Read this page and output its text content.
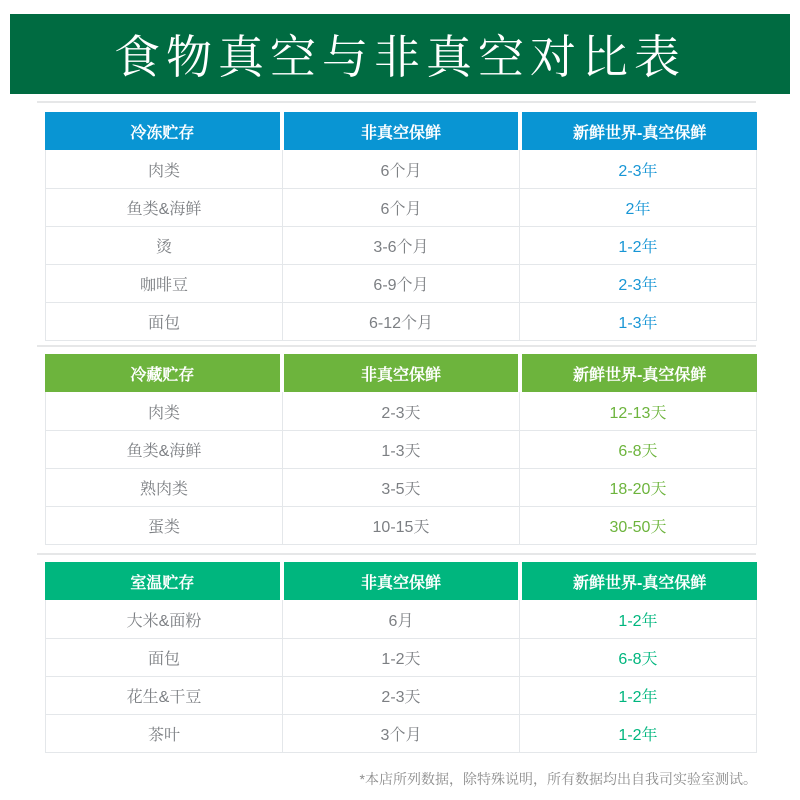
食物真空与非真空对比表
冷冻贮存	非真空保鲜	新鲜世界-真空保鲜
肉类	6个月	2-3年
鱼类&海鲜	6个月	2年
烫	3-6个月	1-2年
咖啡豆	6-9个月	2-3年
面包	6-12个月	1-3年
冷藏贮存	非真空保鲜	新鲜世界-真空保鲜
肉类	2-3天	12-13天
鱼类&海鲜	1-3天	6-8天
熟肉类	3-5天	18-20天
蛋类	10-15天	30-50天
室温贮存	非真空保鲜	新鲜世界-真空保鲜
大米&面粉	6月	1-2年
面包	1-2天	6-8天
花生&干豆	2-3天	1-2年
茶叶	3个月	1-2年
*本店所列数据，除特殊说明，所有数据均出自我司实验室测试。
